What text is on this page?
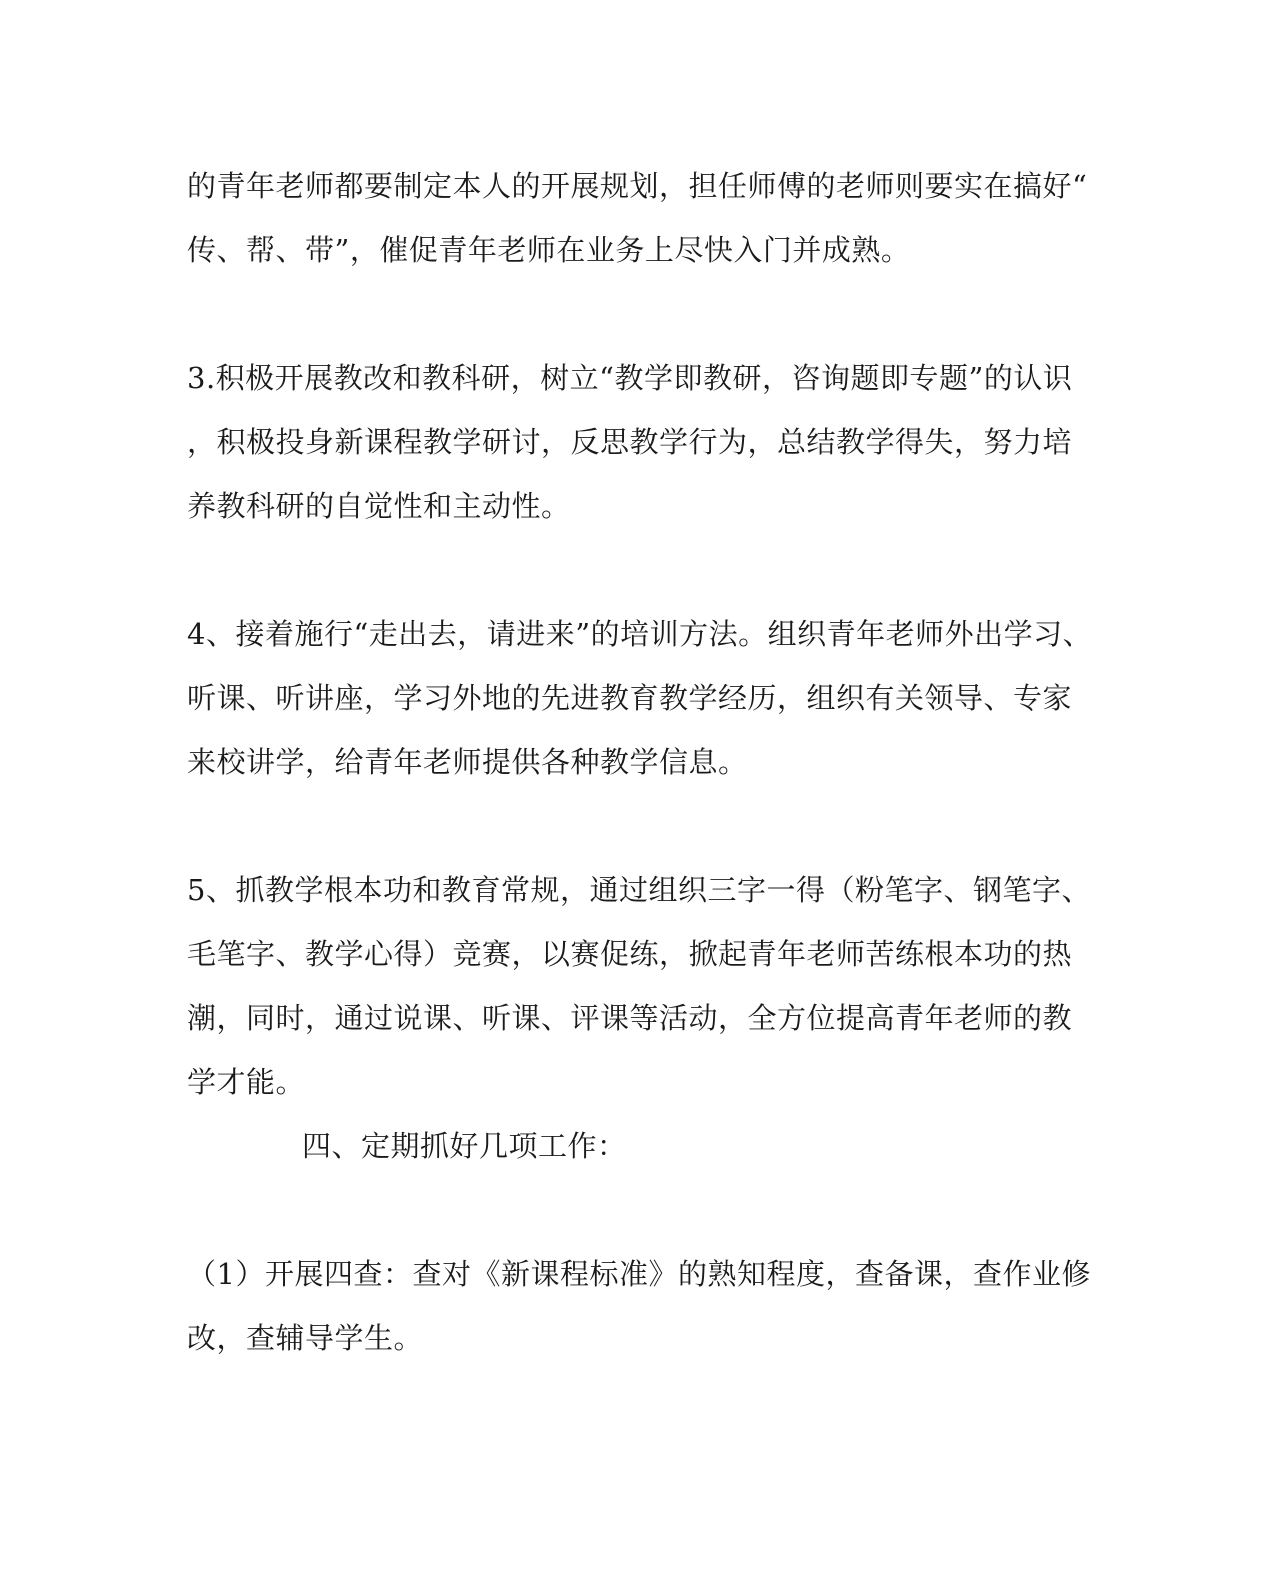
的青年老师都要制定本人的开展规划，担任师傅的老师则要实在搞好“
传、帮、带”，催促青年老师在业务上尽快入门并成熟。
3.积极开展教改和教科研，树立“教学即教研，咨询题即专题”的认识
，积极投身新课程教学研讨，反思教学行为，总结教学得失，努力培
养教科研的自觉性和主动性。
4、接着施行“走出去，请进来”的培训方法。组织青年老师外出学习、
听课、听讲座，学习外地的先进教育教学经历，组织有关领导、专家
来校讲学，给青年老师提供各种教学信息。
5、抓教学根本功和教育常规，通过组织三字一得（粉笔字、钢笔字、
毛笔字、教学心得）竞赛，以赛促练，掀起青年老师苦练根本功的热
潮，同时，通过说课、听课、评课等活动，全方位提高青年老师的教
学才能。
四、定期抓好几项工作：
（1）开展四查：查对《新课程标准》的熟知程度，查备课，查作业修
改，查辅导学生。
